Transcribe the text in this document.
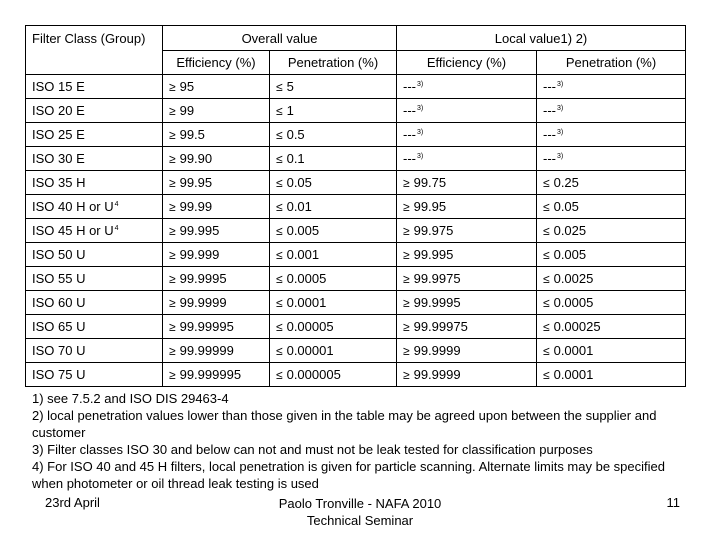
Filter Class (Group)	Overall value		Local value1) 2)	
	Efficiency (%)	Penetration (%)	Efficiency (%)	Penetration (%)
ISO 15 E	≥ 95	≤ 5	---$^{3)}$	---$^{3)}$
ISO 20 E	≥ 99	≤ 1	---$^{3)}$	---$^{3)}$
ISO 25 E	≥ 99.5	≤ 0.5	---$^{3)}$	---$^{3)}$
ISO 30 E	≥ 99.90	≤ 0.1	---$^{3)}$	---$^{3)}$
ISO 35 H	≥ 99.95	≤ 0.05	≥ 99.75	≤ 0.25
ISO 40 H or $U^4$	≥ 99.99	≤ 0.01	≥ 99.95	≤ 0.05
ISO 45 H or $U^4$	≥ 99.995	≤ 0.005	≥ 99.975	≤ 0.025
ISO 50 U	≥ 99.999	≤ 0.001	≥ 99.995	≤ 0.005
ISO 55 U	≥ 99.9995	≤ 0.0005	≥ 99.9975	≤ 0.0025
ISO 60 U	≥ 99.9999	≤ 0.0001	≥ 99.9995	≤ 0.0005
ISO 65 U	≥ 99.99995	≤ 0.00005	≥ 99.99975	≤ 0.00025
ISO 70 U	≥ 99.99999	≤ 0.00001	≥ 99.9999	≤ 0.0001
ISO 75 U	≥ 99.999995	≤ 0.000005	≥ 99.9999	≤ 0.0001
1) see 7.5.2 and ISO DIS 29463-4
2) local penetration values lower than those given in the table may be agreed upon between the supplier and customer
3) Filter classes ISO 30 and below can not and must not be leak tested for classification purposes
4) For ISO 40 and 45 H filters, local penetration is given for particle scanning. Alternate limits may be specified when photometer or oil thread leak testing is used
23rd April	Paolo Tronville - NAFA 2010
Technical Seminar
11
